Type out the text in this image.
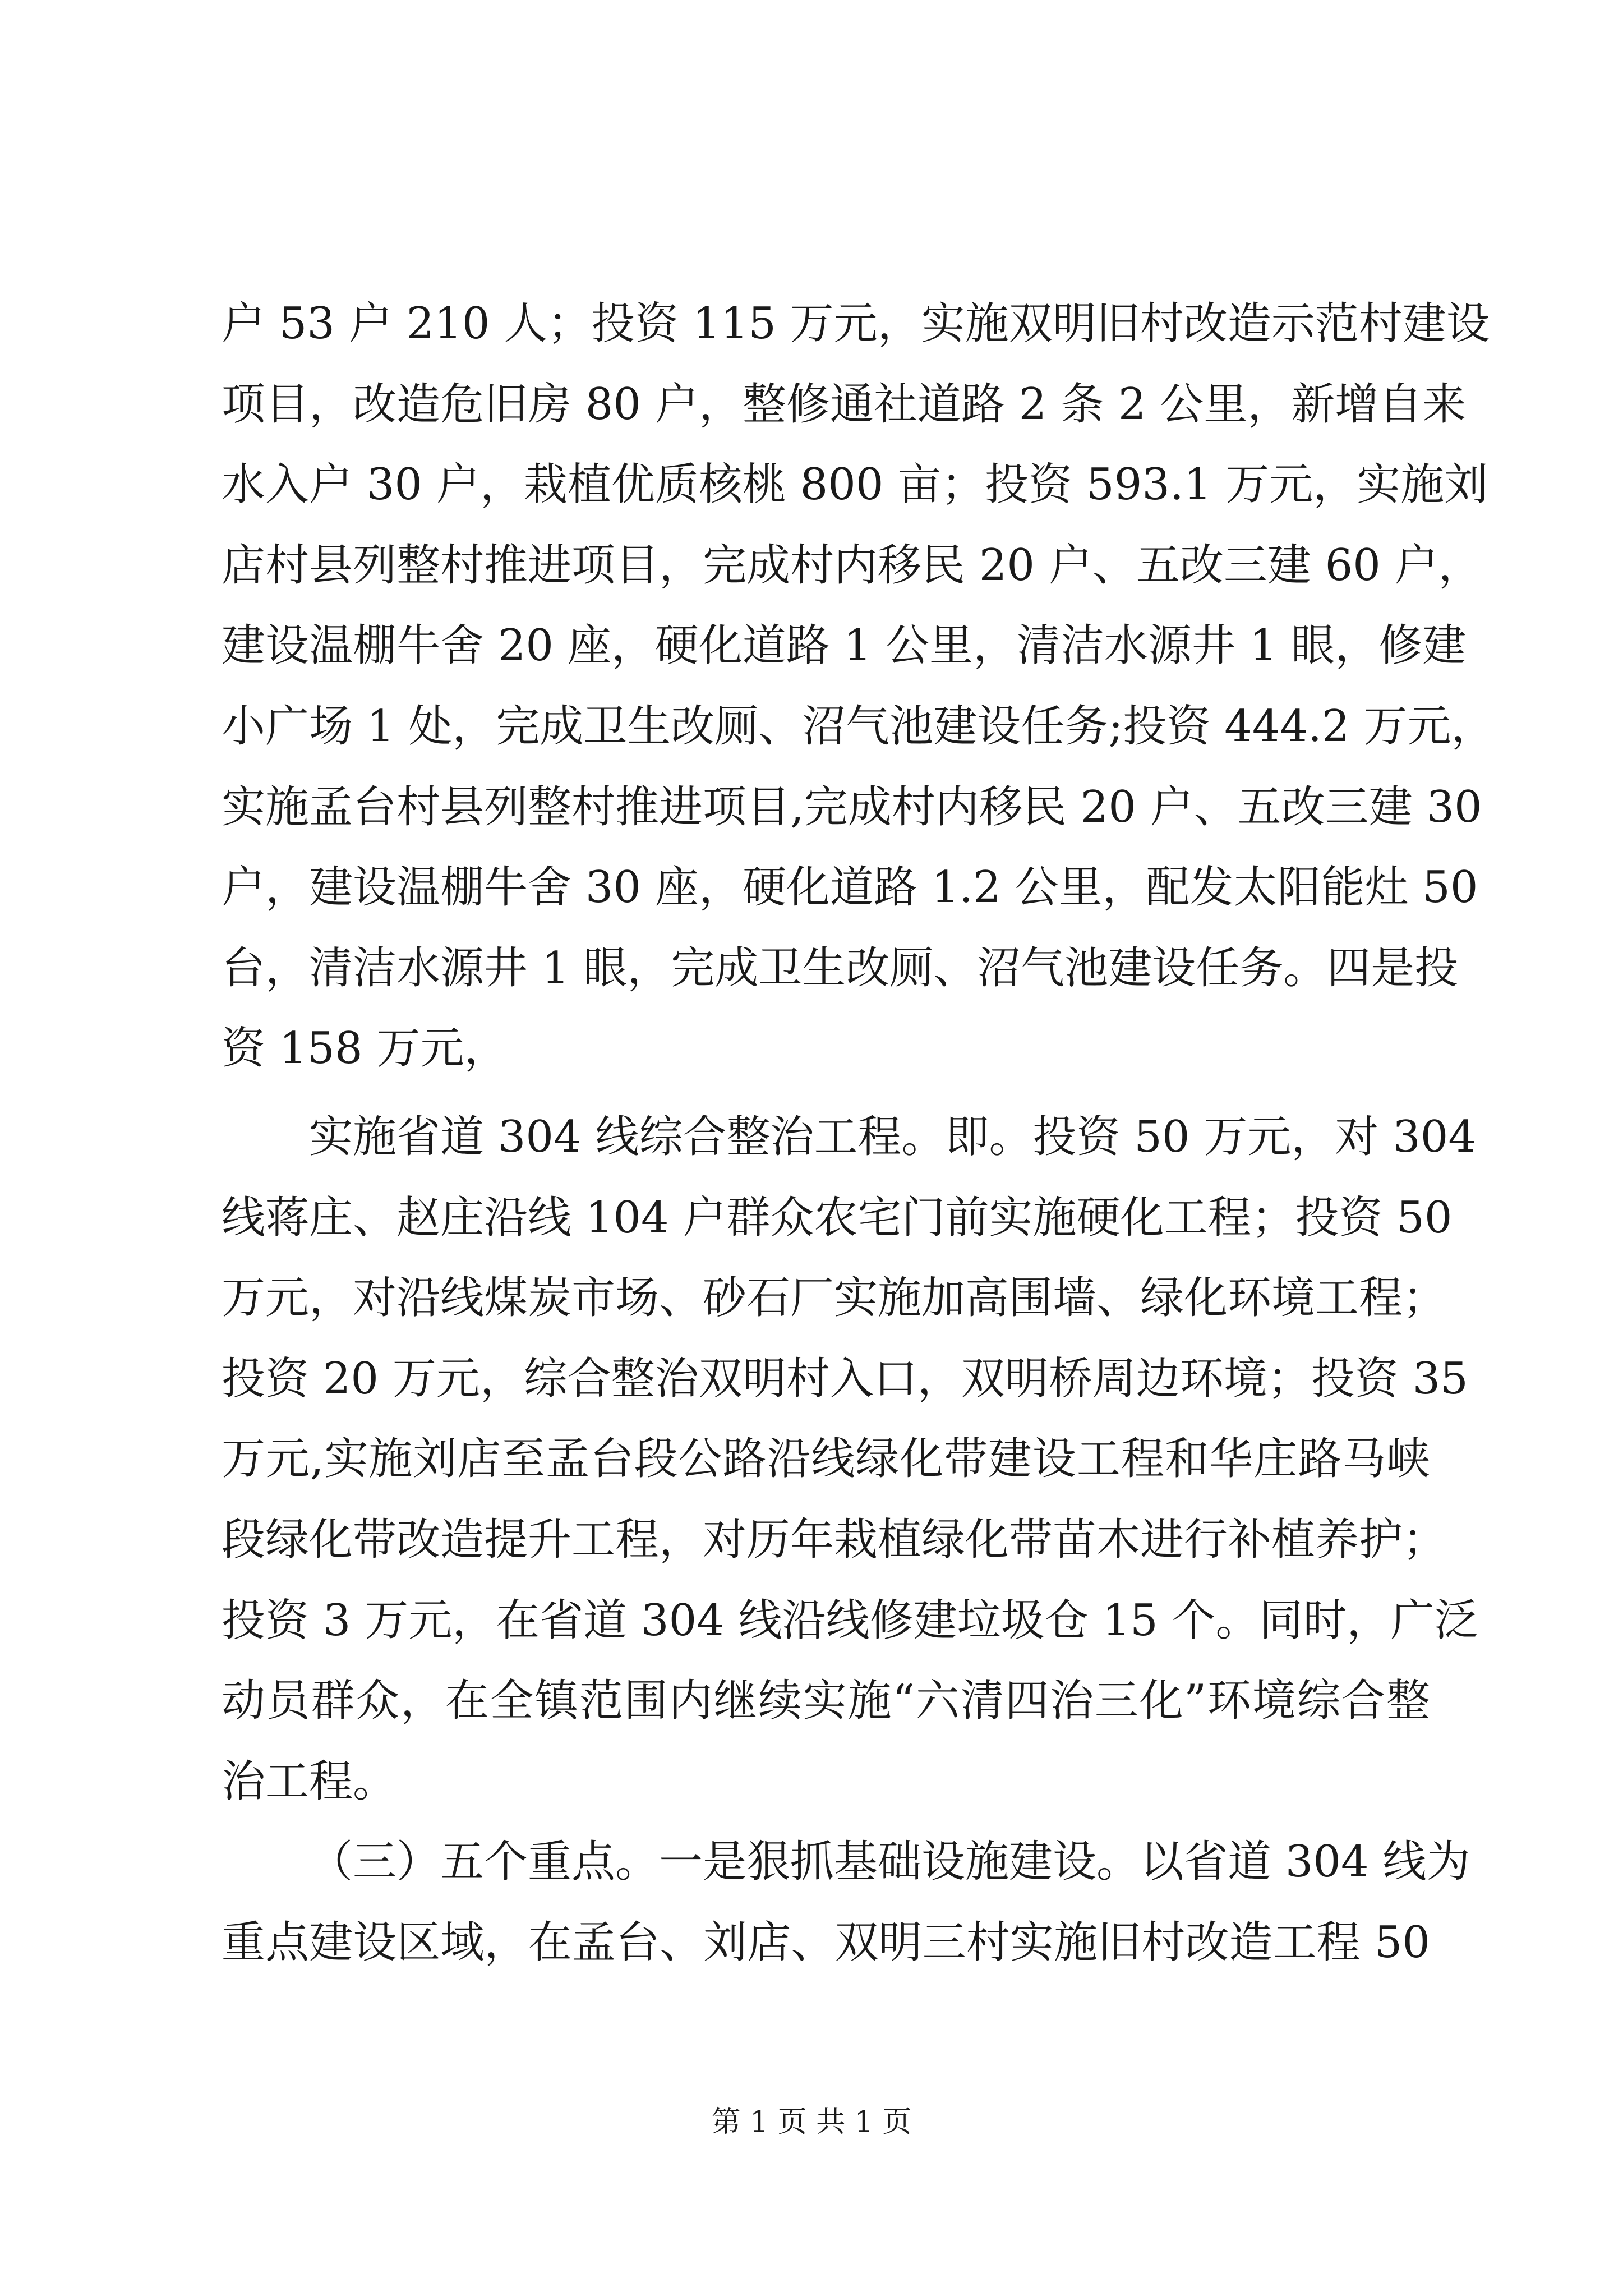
户 53 户 210 人；投资 115 万元，实施双明旧村改造示范村建设
项目，改造危旧房 80 户，整修通社道路 2 条 2 公里，新增自来
水入户 30 户，栽植优质核桃 800 亩；投资 593.1 万元，实施刘
店村县列整村推进项目，完成村内移民 20 户、五改三建 60 户，
建设温棚牛舍 20 座，硬化道路 1 公里，清洁水源井 1 眼，修建
小广场 1 处，完成卫生改厕、沼气池建设任务;投资 444.2 万元，
实施孟台村县列整村推进项目,完成村内移民 20 户、五改三建 30
户，建设温棚牛舍 30 座，硬化道路 1.2 公里，配发太阳能灶 50
台，清洁水源井 1 眼，完成卫生改厕、沼气池建设任务。四是投
资 158 万元，

实施省道 304 线综合整治工程。即。投资 50 万元，对 304
线蒋庄、赵庄沿线 104 户群众农宅门前实施硬化工程；投资 50
万元，对沿线煤炭市场、砂石厂实施加高围墙、绿化环境工程；
投资 20 万元，综合整治双明村入口，双明桥周边环境；投资 35
万元,实施刘店至孟台段公路沿线绿化带建设工程和华庄路马峡
段绿化带改造提升工程，对历年栽植绿化带苗木进行补植养护；
投资 3 万元，在省道 304 线沿线修建垃圾仓 15 个。同时，广泛
动员群众，在全镇范围内继续实施“六清四治三化”环境综合整
治工程。

（三）五个重点。一是狠抓基础设施建设。以省道 304 线为
重点建设区域，在孟台、刘店、双明三村实施旧村改造工程 50

第 1 页 共 1 页
